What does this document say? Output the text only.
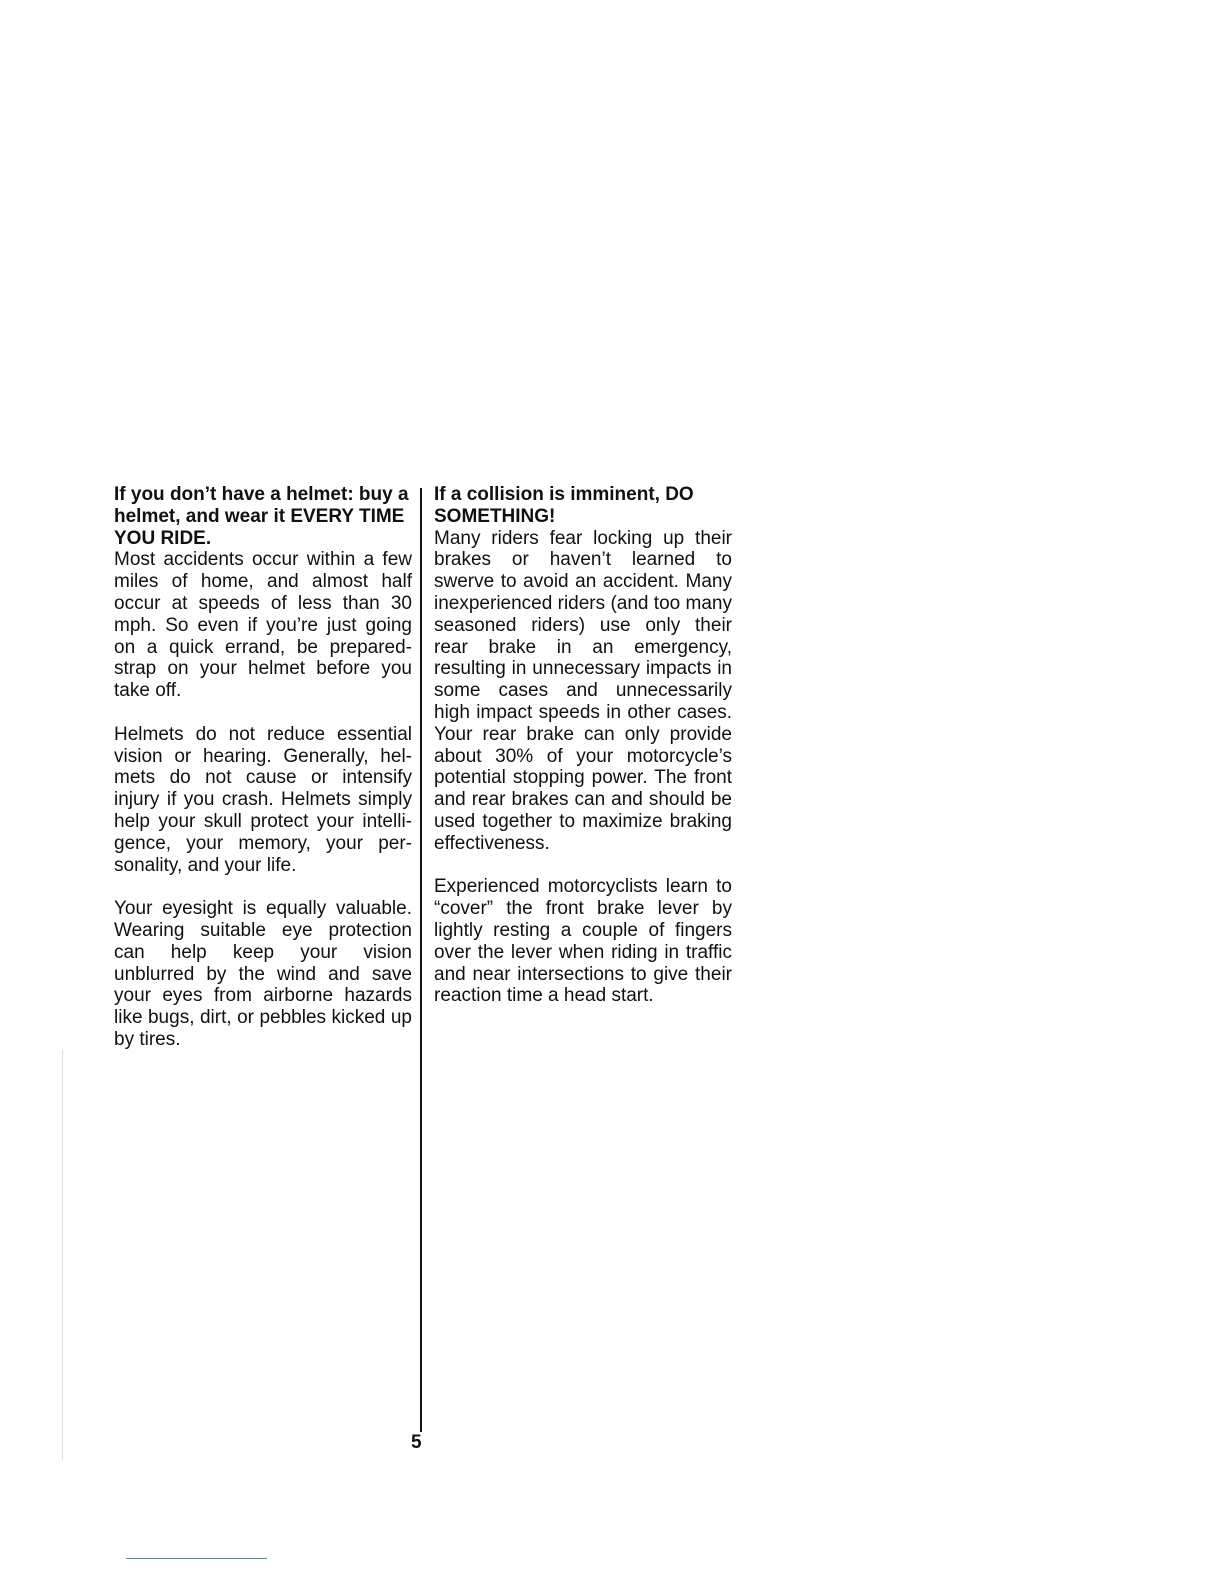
If you don’t have a helmet: buy a helmet, and wear it EVERY TIME YOU RIDE.

Most accidents occur within a few miles of home, and almost half occur at speeds of less than 30 mph. So even if you’re just going on a quick errand, be prepared-strap on your helmet before you take off.

Helmets do not reduce essential vision or hearing. Generally, helmets do not cause or intensify injury if you crash. Helmets simply help your skull protect your intelligence, your memory, your personality, and your life.

Your eyesight is equally valuable. Wearing suitable eye protection can help keep your vision unblurred by the wind and save your eyes from airborne hazards like bugs, dirt, or pebbles kicked up by tires.

If a collision is imminent, DO SOMETHING!

Many riders fear locking up their brakes or haven’t learned to swerve to avoid an accident. Many inexperienced riders (and too many seasoned riders) use only their rear brake in an emergency, resulting in unnecessary impacts in some cases and unnecessarily high impact speeds in other cases. Your rear brake can only provide about 30% of your motorcycle’s potential stopping power. The front and rear brakes can and should be used together to maximize braking effectiveness.

Experienced motorcyclists learn to “cover” the front brake lever by lightly resting a couple of fingers over the lever when riding in traffic and near intersections to give their reaction time a head start.

5
